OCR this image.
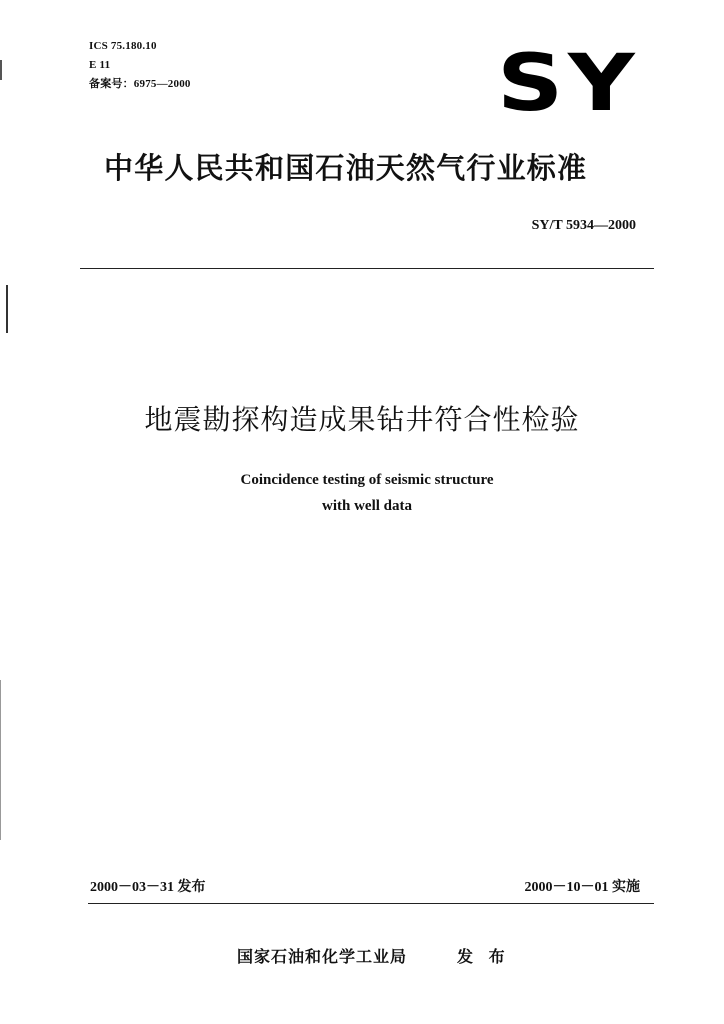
ICS 75.180.10
E 11
备案号：6975—2000	SY
中华人民共和国石油天然气行业标准
SY/T 5934—2000
地震勘探构造成果钻井符合性检验
Coincidence testing of seismic structure
with well data
2000－03－31 发布	2000－10－01 实施
国家石油和化学工业局	发 布
